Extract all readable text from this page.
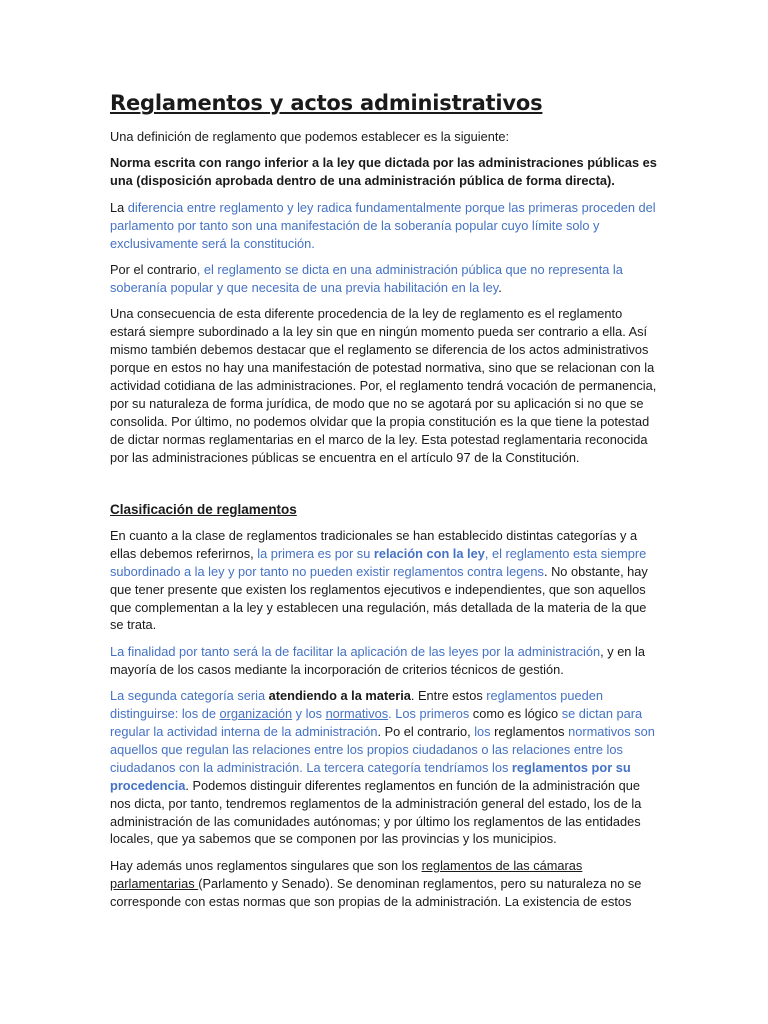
Reglamentos y actos administrativos

Una definición de reglamento que podemos establecer es la siguiente:

Norma escrita con rango inferior a la ley que dictada por las administraciones públicas es una (disposición aprobada dentro de una administración pública de forma directa).

La diferencia entre reglamento y ley radica fundamentalmente porque las primeras proceden del parlamento por tanto son una manifestación de la soberanía popular cuyo límite solo y exclusivamente será la constitución.

Por el contrario, el reglamento se dicta en una administración pública que no representa la soberanía popular y que necesita de una previa habilitación en la ley.

Una consecuencia de esta diferente procedencia de la ley de reglamento es el reglamento estará siempre subordinado a la ley sin que en ningún momento pueda ser contrario a ella. Así mismo también debemos destacar que el reglamento se diferencia de los actos administrativos porque en estos no hay una manifestación de potestad normativa, sino que se relacionan con la actividad cotidiana de las administraciones. Por, el reglamento tendrá vocación de permanencia, por su naturaleza de forma jurídica, de modo que no se agotará por su aplicación si no que se consolida. Por último, no podemos olvidar que la propia constitución es la que tiene la potestad de dictar normas reglamentarias en el marco de la ley. Esta potestad reglamentaria reconocida por las administraciones públicas se encuentra en el artículo 97 de la Constitución.

Clasificación de reglamentos

En cuanto a la clase de reglamentos tradicionales se han establecido distintas categorías y a ellas debemos referirnos, la primera es por su relación con la ley, el reglamento esta siempre subordinado a la ley y por tanto no pueden existir reglamentos contra legens. No obstante, hay que tener presente que existen los reglamentos ejecutivos e independientes, que son aquellos que complementan a la ley y establecen una regulación, más detallada de la materia de la que se trata.

La finalidad por tanto será la de facilitar la aplicación de las leyes por la administración, y en la mayoría de los casos mediante la incorporación de criterios técnicos de gestión.

La segunda categoría seria atendiendo a la materia. Entre estos reglamentos pueden distinguirse: los de organización y los normativos. Los primeros como es lógico se dictan para regular la actividad interna de la administración. Po el contrario, los reglamentos normativos son aquellos que regulan las relaciones entre los propios ciudadanos o las relaciones entre los ciudadanos con la administración. La tercera categoría tendríamos los reglamentos por su procedencia. Podemos distinguir diferentes reglamentos en función de la administración que nos dicta, por tanto, tendremos reglamentos de la administración general del estado, los de la administración de las comunidades autónomas; y por último los reglamentos de las entidades locales, que ya sabemos que se componen por las provincias y los municipios.

Hay además unos reglamentos singulares que son los reglamentos de las cámaras parlamentarias (Parlamento y Senado). Se denominan reglamentos, pero su naturaleza no se corresponde con estas normas que son propias de la administración. La existencia de estos
